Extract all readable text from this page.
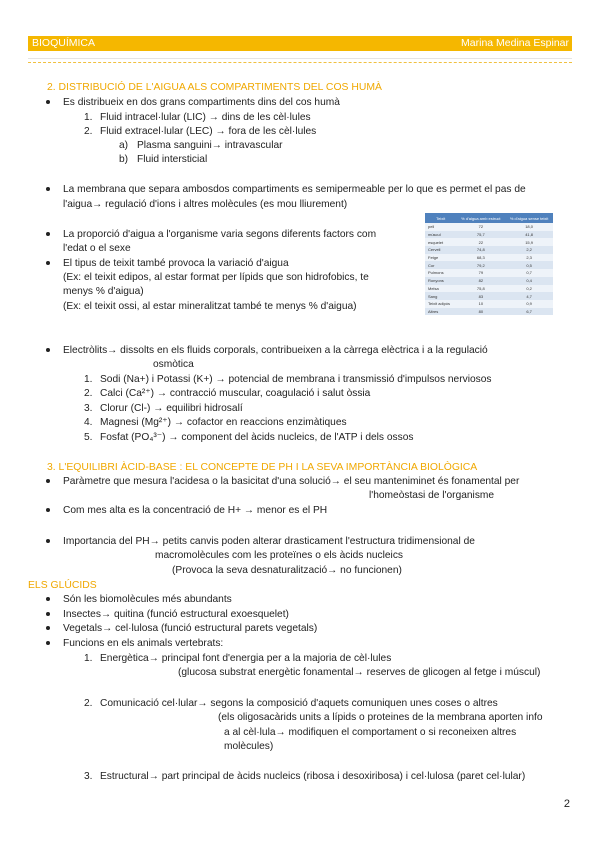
BIOQUÍMICA	Marina Medina Espinar
2. DISTRIBUCIÓ DE L'AIGUA ALS COMPARTIMENTS DEL COS HUMÀ
Es distribueix en dos grans compartiments dins del cos humà
1. Fluid intracel·lular (LIC) → dins de les cèl·lules
2. Fluid extracel·lular (LEC) → fora de les cèl·lules
a) Plasma sanguini→ intravascular
b) Fluid intersticial
La membrana que separa ambosdos compartiments es semipermeable per lo que es permet el pas de
l'aigua→ regulació d'ions i altres molècules (es mou lliurement)
La proporció d'aigua a l'organisme varia segons diferents factors com
l'edat o el sexe
El tipus de teixit també provoca la variació d'aigua
(Ex: el teixit edipos, al estar format per lípids que son hidrofobics, te
menys % d'aigua)
(Ex: el teixit ossi, al estar mineralitzat també te menys % d'aigua)
Teixit	% d'aigua amb estruct	% d'aigua sense teixit
pell	72	18,0
múscul	75,7	41,8
esquelet	22	15,9
Cervell	74,8	2,2
Fetge	68,3	2,3
Cor	79,2	0,5
Pulmons	79	0,7
Ronyons	82	0,4
Melsa	75,8	0,2
Sang	83	4,7
Teixit adipós	10	0,9
Altres	80	6,7
Electròlits→ dissolts en els fluids corporals, contribueixen a la càrrega elèctrica i a la regulació
osmòtica
1. Sodi (Na+) i Potassi (K+) → potencial de membrana i transmissió d'impulsos nerviosos
2. Calci (Ca²⁺) → contracció muscular, coagulació i salut òssia
3. Clorur (Cl-) → equilibri hidrosalí
4. Magnesi (Mg²⁺) → cofactor en reaccions enzimàtiques
5. Fosfat (PO₄³⁻) → component del àcids nucleics, de l'ATP i dels ossos
3. L'EQUILIBRI ÀCID-BASE : EL CONCEPTE DE PH I LA SEVA IMPORTÀNCIA BIOLÒGICA
Paràmetre que mesura l'acidesa o la basicitat d'una solució→ el seu manteniminet és fonamental per
l'homeòstasi de l'organisme
Com mes alta es la concentració de H+ → menor es el PH
Importancia del PH→ petits canvis poden alterar drasticament l'estructura tridimensional de
macromolècules com les proteïnes o els àcids nucleics
(Provoca la seva desnaturalització→ no funcionen)
ELS GLÚCIDS
Són les biomolècules més abundants
Insectes→ quitina (funció estructural exoesquelet)
Vegetals→ cel·lulosa (funció estructural parets vegetals)
Funcions en els animals vertebrats:
1. Energètica→ principal font d'energia per a la majoria de cèl·lules
(glucosa substrat energètic fonamental→ reserves de glicogen al fetge i múscul)
2. Comunicació cel·lular→ segons la composició d'aquets comuniquen unes coses o altres
(els oligosacàrids units a lípids o proteines de la membrana aporten info
a al cèl·lula→ modifiquen el comportament o si reconeixen altres
molècules)
3. Estructural→ part principal de àcids nucleics (ribosa i desoxiribosa) i cel·lulosa (paret cel·lular)
2
